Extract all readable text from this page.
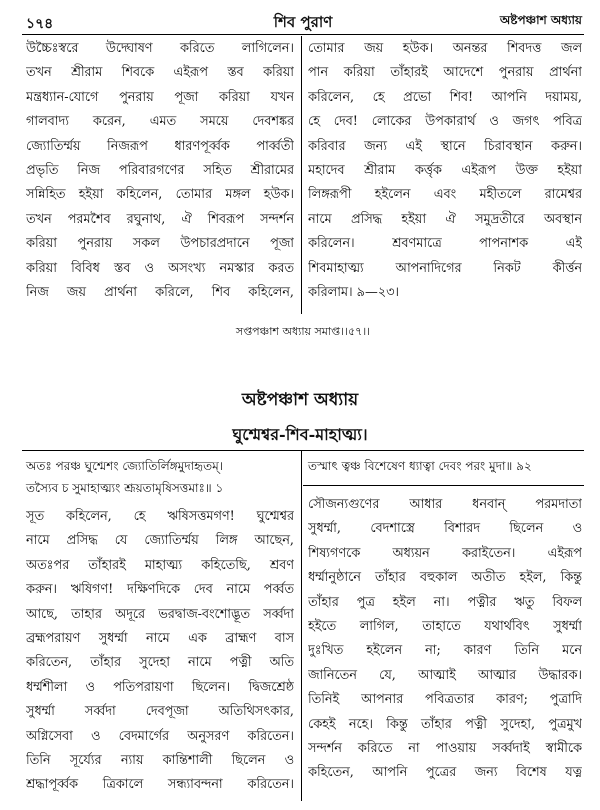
১৭৪	শিব পুরাণ	অষ্টপঞ্চাশ অধ্যায়
উচ্চৈঃস্বরে উদ্ঘোষণ করিতে লাগিলেন।
তখন শ্রীরাম শিবকে এইরূপ স্তব করিয়া
মন্ত্রধ্যান-যোগে পুনরায় পূজা করিয়া যখন
গালবাদ্য করেন, এমত সময়ে দেবশঙ্কর
জ্যোতির্ম্ময় নিজরূপ ধারণপূর্ব্বক পার্ব্বতী
প্রভৃতি নিজ পরিবারগণের সহিত শ্রীরামের
সন্নিহিত হইয়া কহিলেন, তোমার মঙ্গল হউক।
তখন পরমশৈব রঘুনাথ, ঐ শিবরূপ সন্দর্শন
করিয়া পুনরায় সকল উপচারপ্রদানে পূজা
করিয়া বিবিধ স্তব ও অসংখ্য নমস্কার করত
নিজ জয় প্রার্থনা করিলে, শিব কহিলেন,
তোমার জয় হউক। অনন্তর শিবদত্ত জল
পান করিয়া তাঁহারই আদেশে পুনরায় প্রার্থনা
করিলেন, হে প্রভো শিব! আপনি দয়াময়,
হে দেব! লোকের উপকারার্থ ও জগৎ পবিত্র
করিবার জন্য এই স্থানে চিরাবস্থান করুন।
মহাদেব শ্রীরাম কর্ত্তৃক এইরূপ উক্ত হইয়া
লিঙ্গরূপী হইলেন এবং মহীতলে রামেশ্বর
নামে প্রসিদ্ধ হইয়া ঐ সমুদ্রতীরে অবস্থান
করিলেন। শ্রবণমাত্রে পাপনাশক এই
শিবমাহাত্ম্য আপনাদিগের নিকট কীর্ত্তন
করিলাম। ৯—২৩।
সপ্তপঞ্চাশ অধ্যায় সমাপ্ত।।৫৭।।
অষ্টপঞ্চাশ অধ্যায়
ঘুশ্মেশ্বর-শিব-মাহাত্ম্য।
অতঃ পরঞ্চ ঘুশ্মেশং জ্যোতির্লিঙ্গমুদাহৃতম্‌।
তস্যৈব চ সুমাহাত্ম্যং শ্রূয়তামৃষিসত্তমাঃ॥ ১
তস্মাৎ ত্বঞ্চ বিশেষেণ ধ্যাত্বা দেবং পরং মুদা॥ ৯২
সূত কহিলেন, হে ঋষিসত্তমগণ! ঘুশ্মেশ্বর
নামে প্রসিদ্ধ যে জ্যোতির্ম্ময় লিঙ্গ আছেন,
অতঃপর তাঁহারই মাহাত্ম্য কহিতেছি, শ্রবণ
করুন। ঋষিগণ! দক্ষিণদিকে দেব নামে পর্ব্বত
আছে, তাহার অদূরে ভরদ্বাজ-বংশোদ্ভূত সর্ব্বদা
ব্রহ্মপরায়ণ সুধর্ম্মা নামে এক ব্রাহ্মণ বাস
করিতেন, তাঁহার সুদেহা নামে পত্নী অতি
ধর্ম্মশীলা ও পতিপরায়ণা ছিলেন। দ্বিজশ্রেষ্ঠ
সুধর্ম্মা সর্ব্বদা দেবপূজা অতিথিসৎকার,
অগ্নিসেবা ও বেদমার্গের অনুসরণ করিতেন।
তিনি সূর্য্যের ন্যায় কান্তিশালী ছিলেন ও
শ্রদ্ধাপূর্ব্বক ত্রিকালে সন্ধ্যাবন্দনা করিতেন।
সৌজন্যগুণের আধার ধনবান্ পরমদাতা
সুধর্ম্মা, বেদশাস্ত্রে বিশারদ ছিলেন ও
শিষ্যগণকে অধ্যয়ন করাইতেন। এইরূপ
ধর্ম্মানুষ্ঠানে তাঁহার বহুকাল অতীত হইল, কিন্তু
তাঁহার পুত্র হইল না। পত্নীর ঋতু বিফল
হইতে লাগিল, তাহাতে যথার্থবিৎ সুধর্ম্মা
দুঃখিত হইলেন না; কারণ তিনি মনে
জানিতেন যে, আত্মাই আত্মার উদ্ধারক।
তিনিই আপনার পবিত্রতার কারণ; পুত্রাদি
কেহই নহে। কিন্তু তাঁহার পত্নী সুদেহা, পুত্রমুখ
সন্দর্শন করিতে না পাওয়ায় সর্ব্বদাই স্বামীকে
কহিতেন, আপনি পুত্রের জন্য বিশেষ যত্ন
